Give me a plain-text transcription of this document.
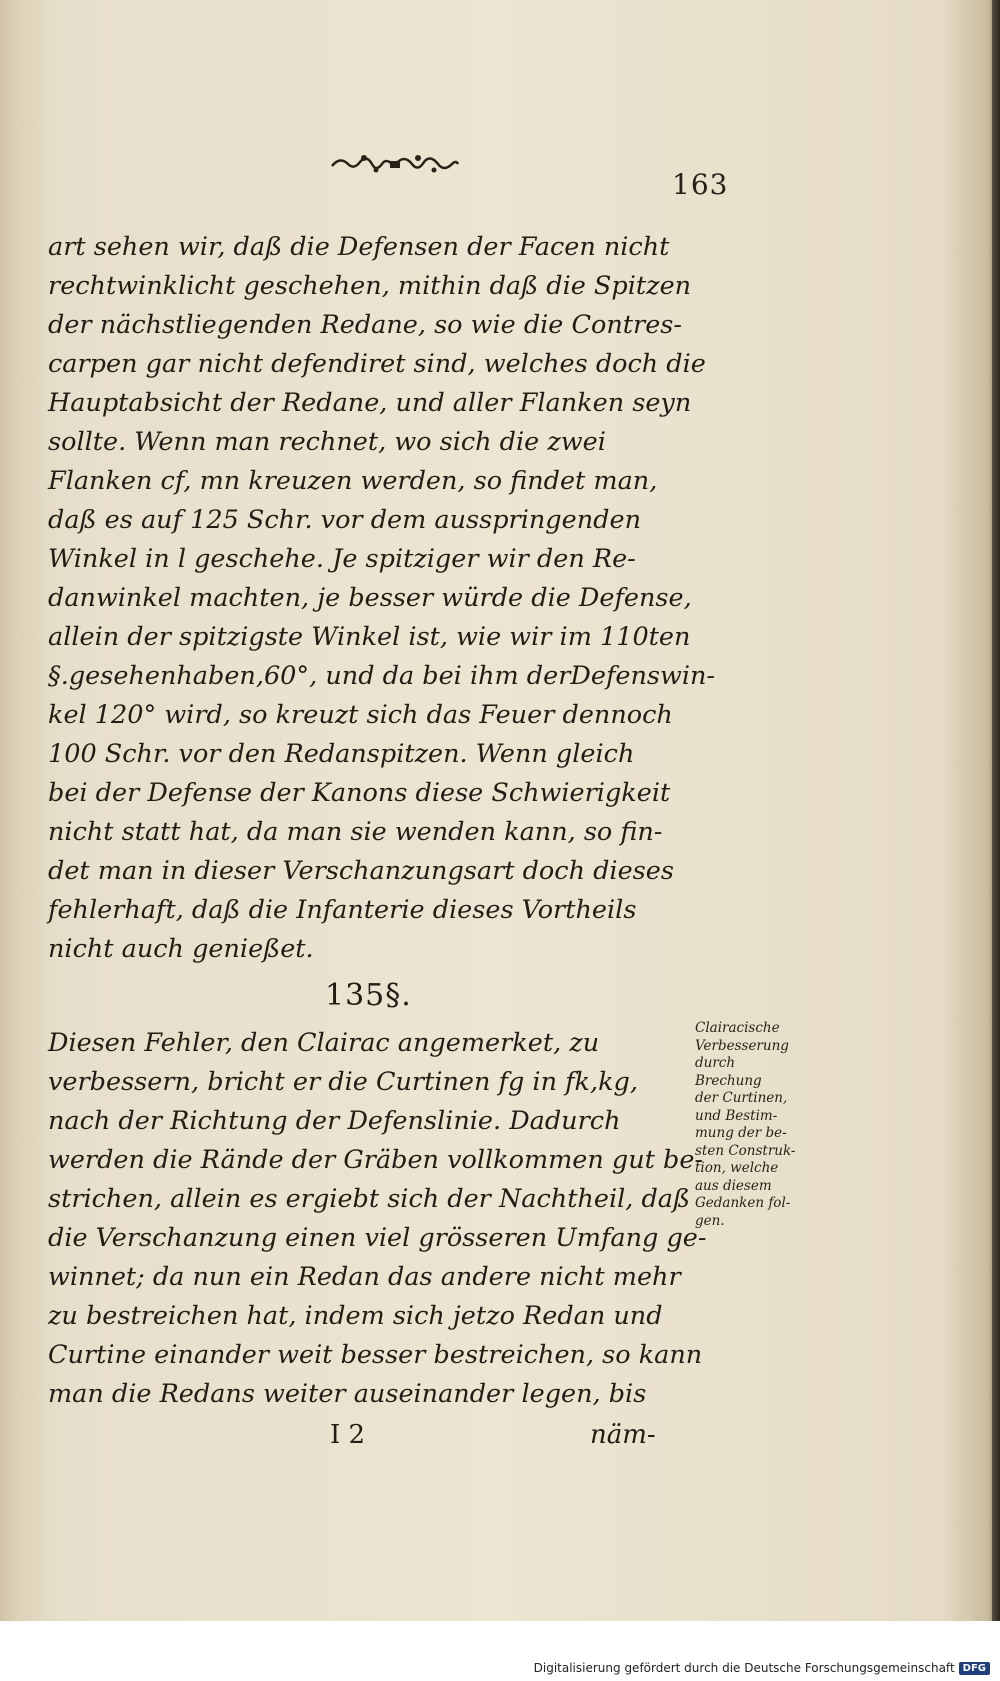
163

art sehen wir, daß die Defensen der Facen nicht

rechtwinklicht geschehen, mithin daß die Spitzen

der nächstliegenden Redane, so wie die Contres-

carpen gar nicht defendiret sind, welches doch die

Hauptabsicht der Redane, und aller Flanken seyn

sollte. Wenn man rechnet, wo sich die zwei

Flanken cf, mn kreuzen werden, so findet man,

daß es auf 125 Schr. vor dem ausspringenden

Winkel in l geschehe. Je spitziger wir den Re-

danwinkel machten, je besser würde die Defense,

allein der spitzigste Winkel ist, wie wir im 110ten

§.gesehenhaben,60°, und da bei ihm derDefenswin-

kel 120° wird, so kreuzt sich das Feuer dennoch

100 Schr. vor den Redanspitzen. Wenn gleich

bei der Defense der Kanons diese Schwierigkeit

nicht statt hat, da man sie wenden kann, so fin-

det man in dieser Verschanzungsart doch dieses

fehlerhaft, daß die Infanterie dieses Vortheils

nicht auch genießet.

135§.

Diesen Fehler, den Clairac angemerket, zu

verbessern, bricht er die Curtinen fg in fk,kg,

nach der Richtung der Defenslinie. Dadurch

werden die Rände der Gräben vollkommen gut be-

strichen, allein es ergiebt sich der Nachtheil, daß

die Verschanzung einen viel grösseren Umfang ge-

winnet; da nun ein Redan das andere nicht mehr

zu bestreichen hat, indem sich jetzo Redan und

Curtine einander weit besser bestreichen, so kann

man die Redans weiter auseinander legen, bis

Clairacische
Verbesserung
durch
Brechung
der Curtinen,
und Bestim-
mung der be-
sten Construk-
tion, welche
aus diesem
Gedanken fol-
gen.
I 2	näm-
Digitalisierung gefördert durch die Deutsche Forschungsgemeinschaft DFG
